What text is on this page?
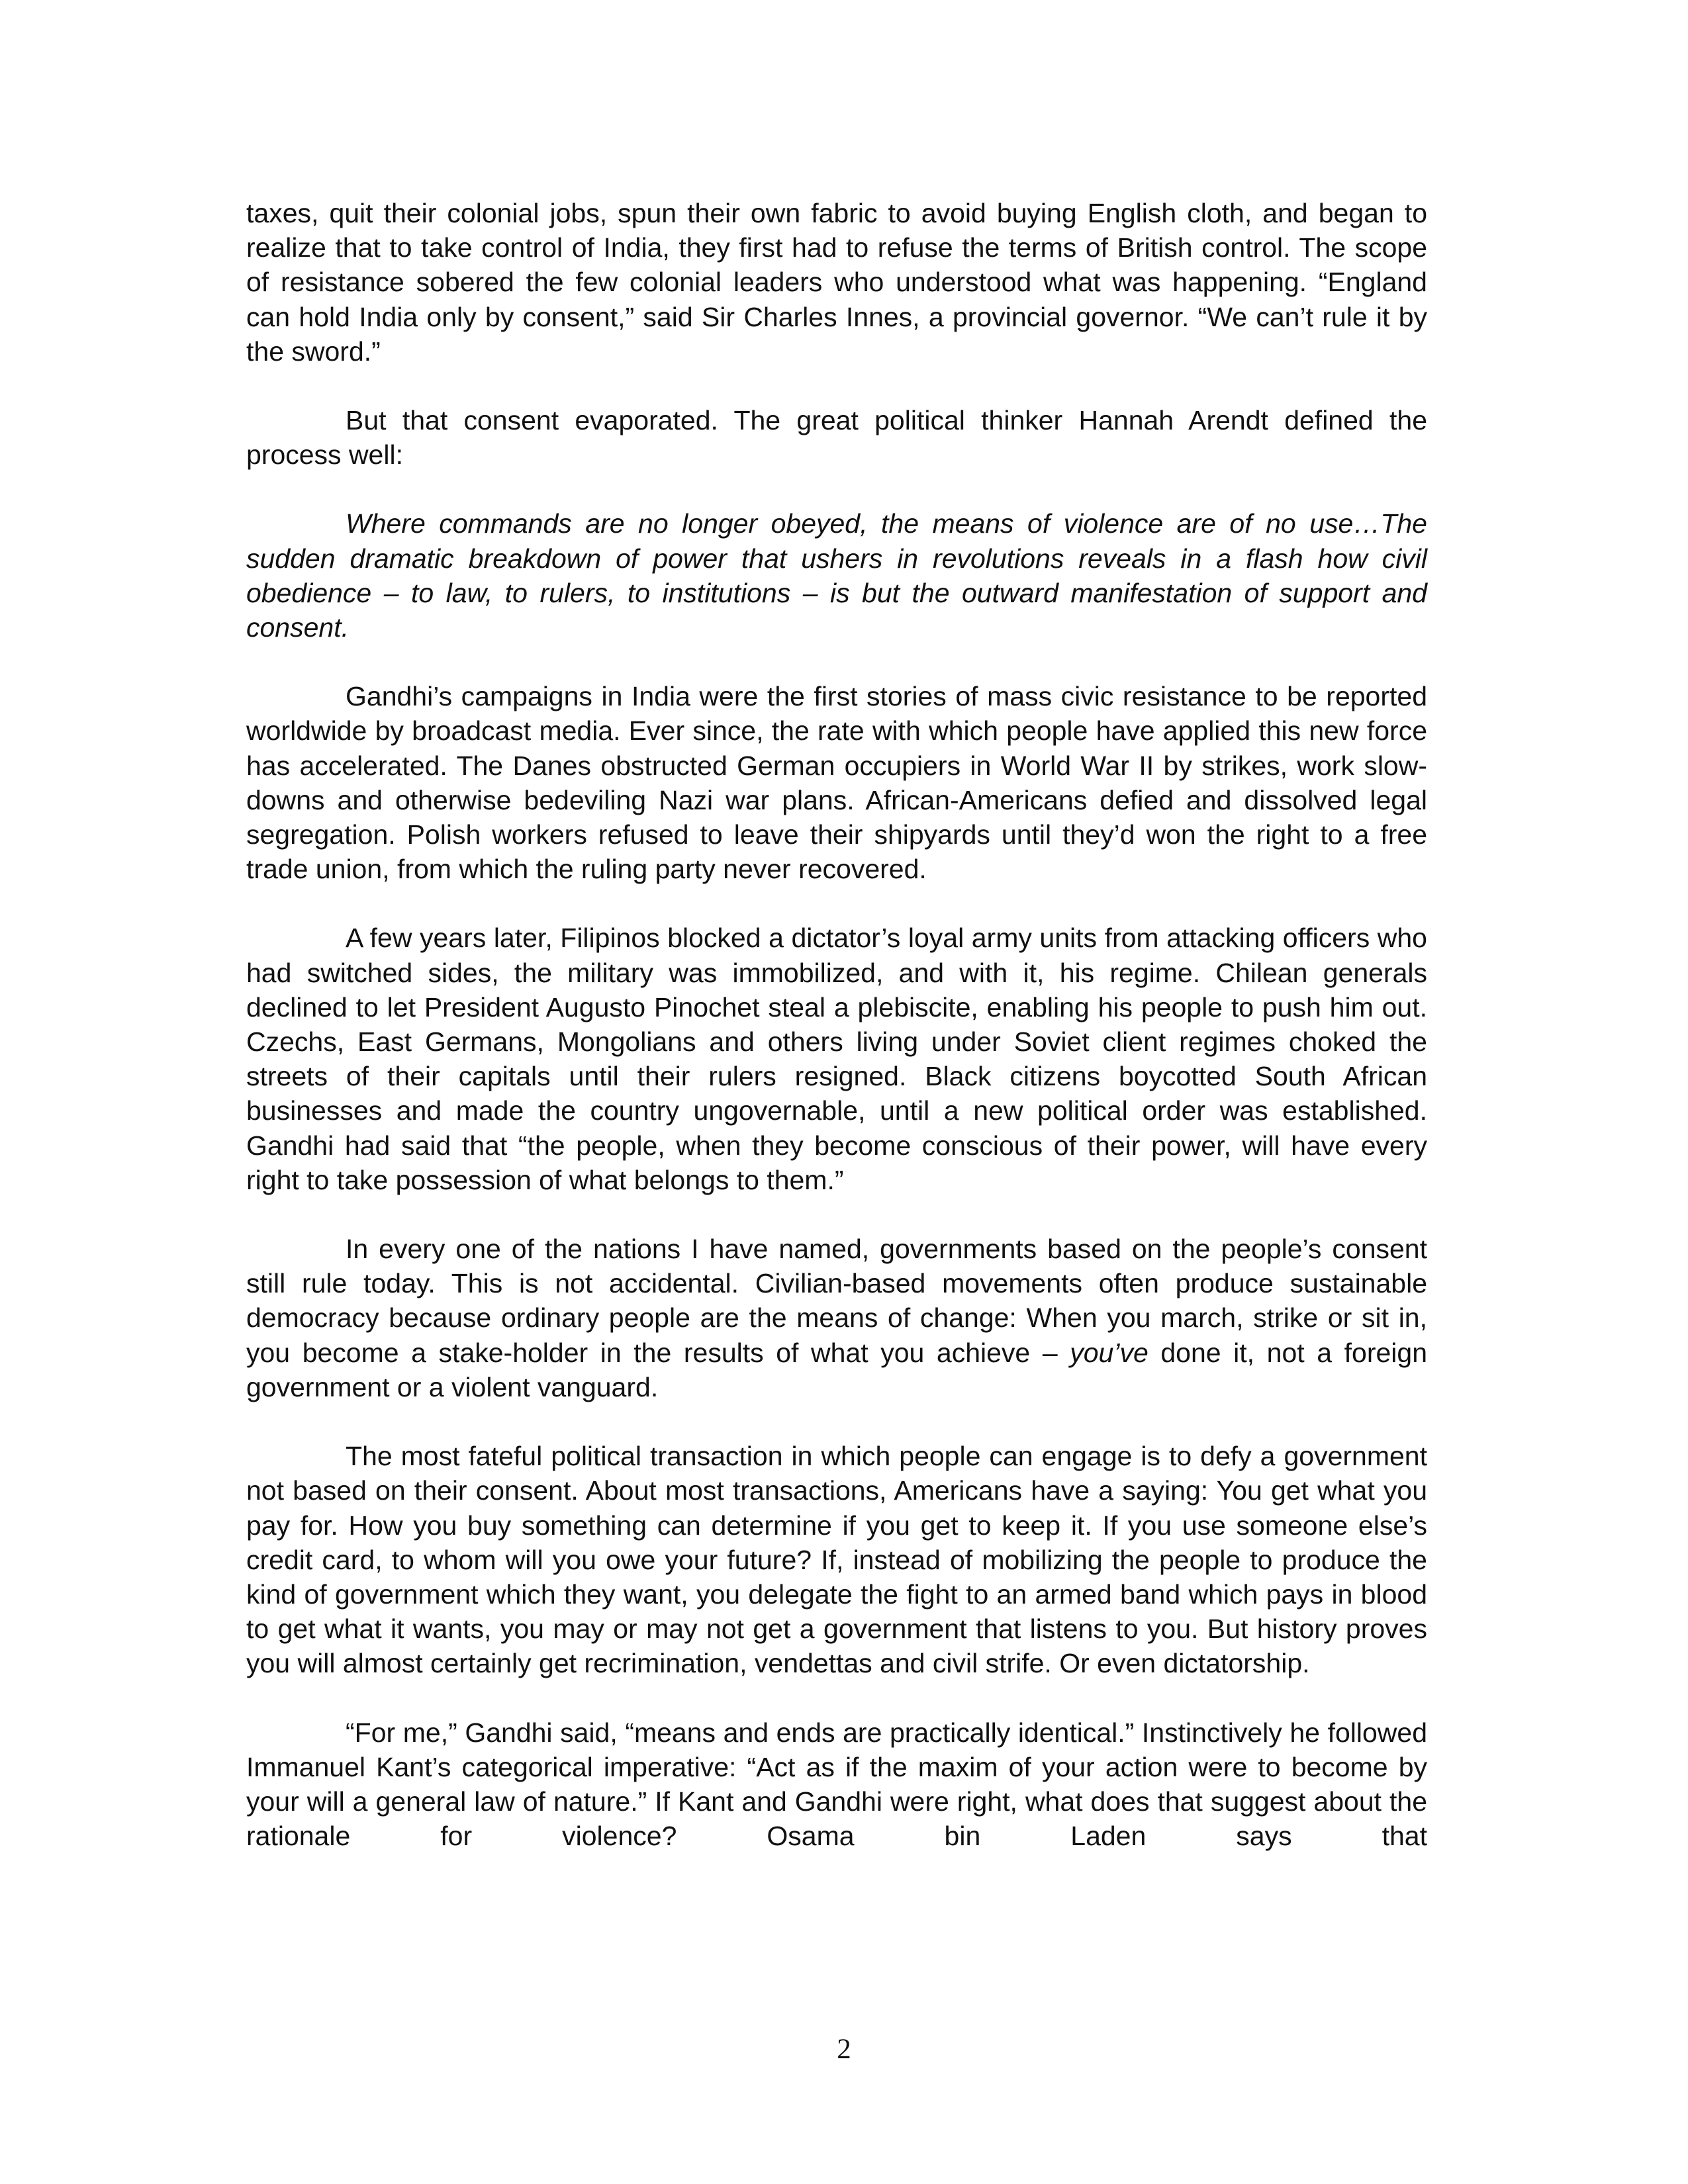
taxes, quit their colonial jobs, spun their own fabric to avoid buying English cloth, and began to realize that to take control of India, they first had to refuse the terms of British control. The scope of resistance sobered the few colonial leaders who understood what was happening. “England can hold India only by consent,” said Sir Charles Innes, a provincial governor. “We can’t rule it by the sword.”

But that consent evaporated. The great political thinker Hannah Arendt defined the process well:

Where commands are no longer obeyed, the means of violence are of no use…The sudden dramatic breakdown of power that ushers in revolutions reveals in a flash how civil obedience – to law, to rulers, to institutions – is but the outward manifestation of support and consent.

Gandhi’s campaigns in India were the first stories of mass civic resistance to be reported worldwide by broadcast media. Ever since, the rate with which people have applied this new force has accelerated. The Danes obstructed German occupiers in World War II by strikes, work slow-downs and otherwise bedeviling Nazi war plans. African-Americans defied and dissolved legal segregation. Polish workers refused to leave their shipyards until they’d won the right to a free trade union, from which the ruling party never recovered.

A few years later, Filipinos blocked a dictator’s loyal army units from attacking officers who had switched sides, the military was immobilized, and with it, his regime. Chilean generals declined to let President Augusto Pinochet steal a plebiscite, enabling his people to push him out. Czechs, East Germans, Mongolians and others living under Soviet client regimes choked the streets of their capitals until their rulers resigned. Black citizens boycotted South African businesses and made the country ungovernable, until a new political order was established. Gandhi had said that “the people, when they become conscious of their power, will have every right to take possession of what belongs to them.”

In every one of the nations I have named, governments based on the people’s consent still rule today. This is not accidental. Civilian-based movements often produce sustainable democracy because ordinary people are the means of change: When you march, strike or sit in, you become a stake-holder in the results of what you achieve – you’ve done it, not a foreign government or a violent vanguard.

The most fateful political transaction in which people can engage is to defy a government not based on their consent. About most transactions, Americans have a saying: You get what you pay for. How you buy something can determine if you get to keep it. If you use someone else’s credit card, to whom will you owe your future? If, instead of mobilizing the people to produce the kind of government which they want, you delegate the fight to an armed band which pays in blood to get what it wants, you may or may not get a government that listens to you. But history proves you will almost certainly get recrimination, vendettas and civil strife. Or even dictatorship.

“For me,” Gandhi said, “means and ends are practically identical.” Instinctively he followed Immanuel Kant’s categorical imperative: “Act as if the maxim of your action were to become by your will a general law of nature.” If Kant and Gandhi were right, what does that suggest about the rationale for violence? Osama bin Laden says that

2
